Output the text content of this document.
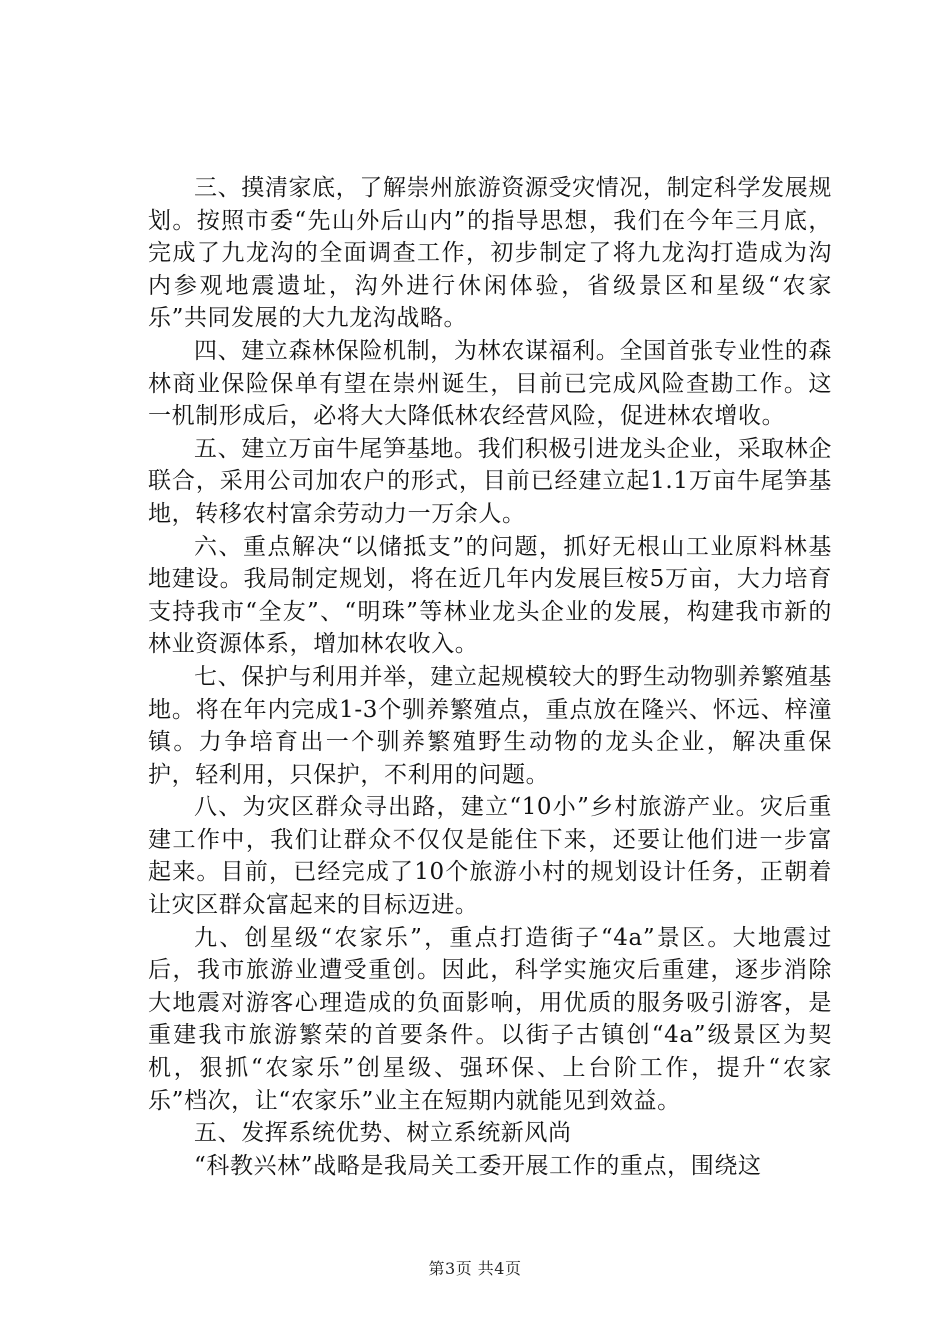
三、摸清家底，了解崇州旅游资源受灾情况，制定科学发展规划。按照市委“先山外后山内”的指导思想，我们在今年三月底，完成了九龙沟的全面调查工作，初步制定了将九龙沟打造成为沟内参观地震遗址，沟外进行休闲体验，省级景区和星级“农家乐”共同发展的大九龙沟战略。

四、建立森林保险机制，为林农谋福利。全国首张专业性的森林商业保险保单有望在崇州诞生，目前已完成风险查勘工作。这一机制形成后，必将大大降低林农经营风险，促进林农增收。

五、建立万亩牛尾笋基地。我们积极引进龙头企业，采取林企联合，采用公司加农户的形式，目前已经建立起1.1万亩牛尾笋基地，转移农村富余劳动力一万余人。

六、重点解决“以储抵支”的问题，抓好无根山工业原料林基地建设。我局制定规划，将在近几年内发展巨桉5万亩，大力培育支持我市“全友”、“明珠”等林业龙头企业的发展，构建我市新的林业资源体系，增加林农收入。

七、保护与利用并举，建立起规模较大的野生动物驯养繁殖基地。将在年内完成1-3个驯养繁殖点，重点放在隆兴、怀远、梓潼镇。力争培育出一个驯养繁殖野生动物的龙头企业，解决重保护，轻利用，只保护，不利用的问题。

八、为灾区群众寻出路，建立“10小”乡村旅游产业。灾后重建工作中，我们让群众不仅仅是能住下来，还要让他们进一步富起来。目前，已经完成了10个旅游小村的规划设计任务，正朝着让灾区群众富起来的目标迈进。

九、创星级“农家乐”，重点打造街子“4a”景区。大地震过后，我市旅游业遭受重创。因此，科学实施灾后重建，逐步消除大地震对游客心理造成的负面影响，用优质的服务吸引游客，是重建我市旅游繁荣的首要条件。以街子古镇创“4a”级景区为契机，狠抓“农家乐”创星级、强环保、上台阶工作，提升“农家乐”档次，让“农家乐”业主在短期内就能见到效益。

五、发挥系统优势、树立系统新风尚

“科教兴林”战略是我局关工委开展工作的重点，围绕这

第3页 共4页
